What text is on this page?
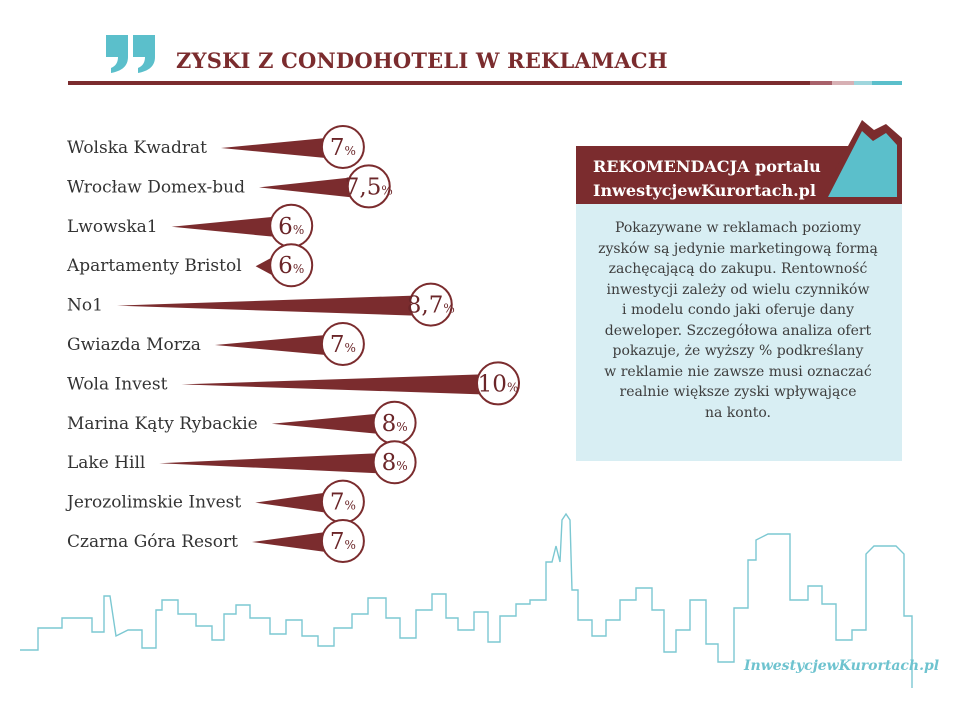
Wolska Kwadrat	7%
Wrocław Domex-bud	7,5%
Lwowska1	6%
Apartamenty Bristol 6%
No1	8,7%
Gwiazda Morza	7%
Wola Invest	10%
Marina Kąty Rybackie	8%
Lake Hill	8%
Jerozolimskie Invest	7%
Czarna Góra Resort	7%
ZYSKI Z CONDOHOTELI W REKLAMACH
REKOMENDACJA portalu
InwestycjewKurortach.pl
Pokazywane w reklamach poziomy
zysków są jedynie marketingową formą
zachęcającą do zakupu. Rentowność
inwestycji zależy od wielu czynników
i modelu condo jaki oferuje dany
deweloper. Szczegółowa analiza ofert
pokazuje, że wyższy % podkreślany
w reklamie nie zawsze musi oznaczać
realnie większe zyski wpływające
na konto.
InwestycjewKurortach.pl
